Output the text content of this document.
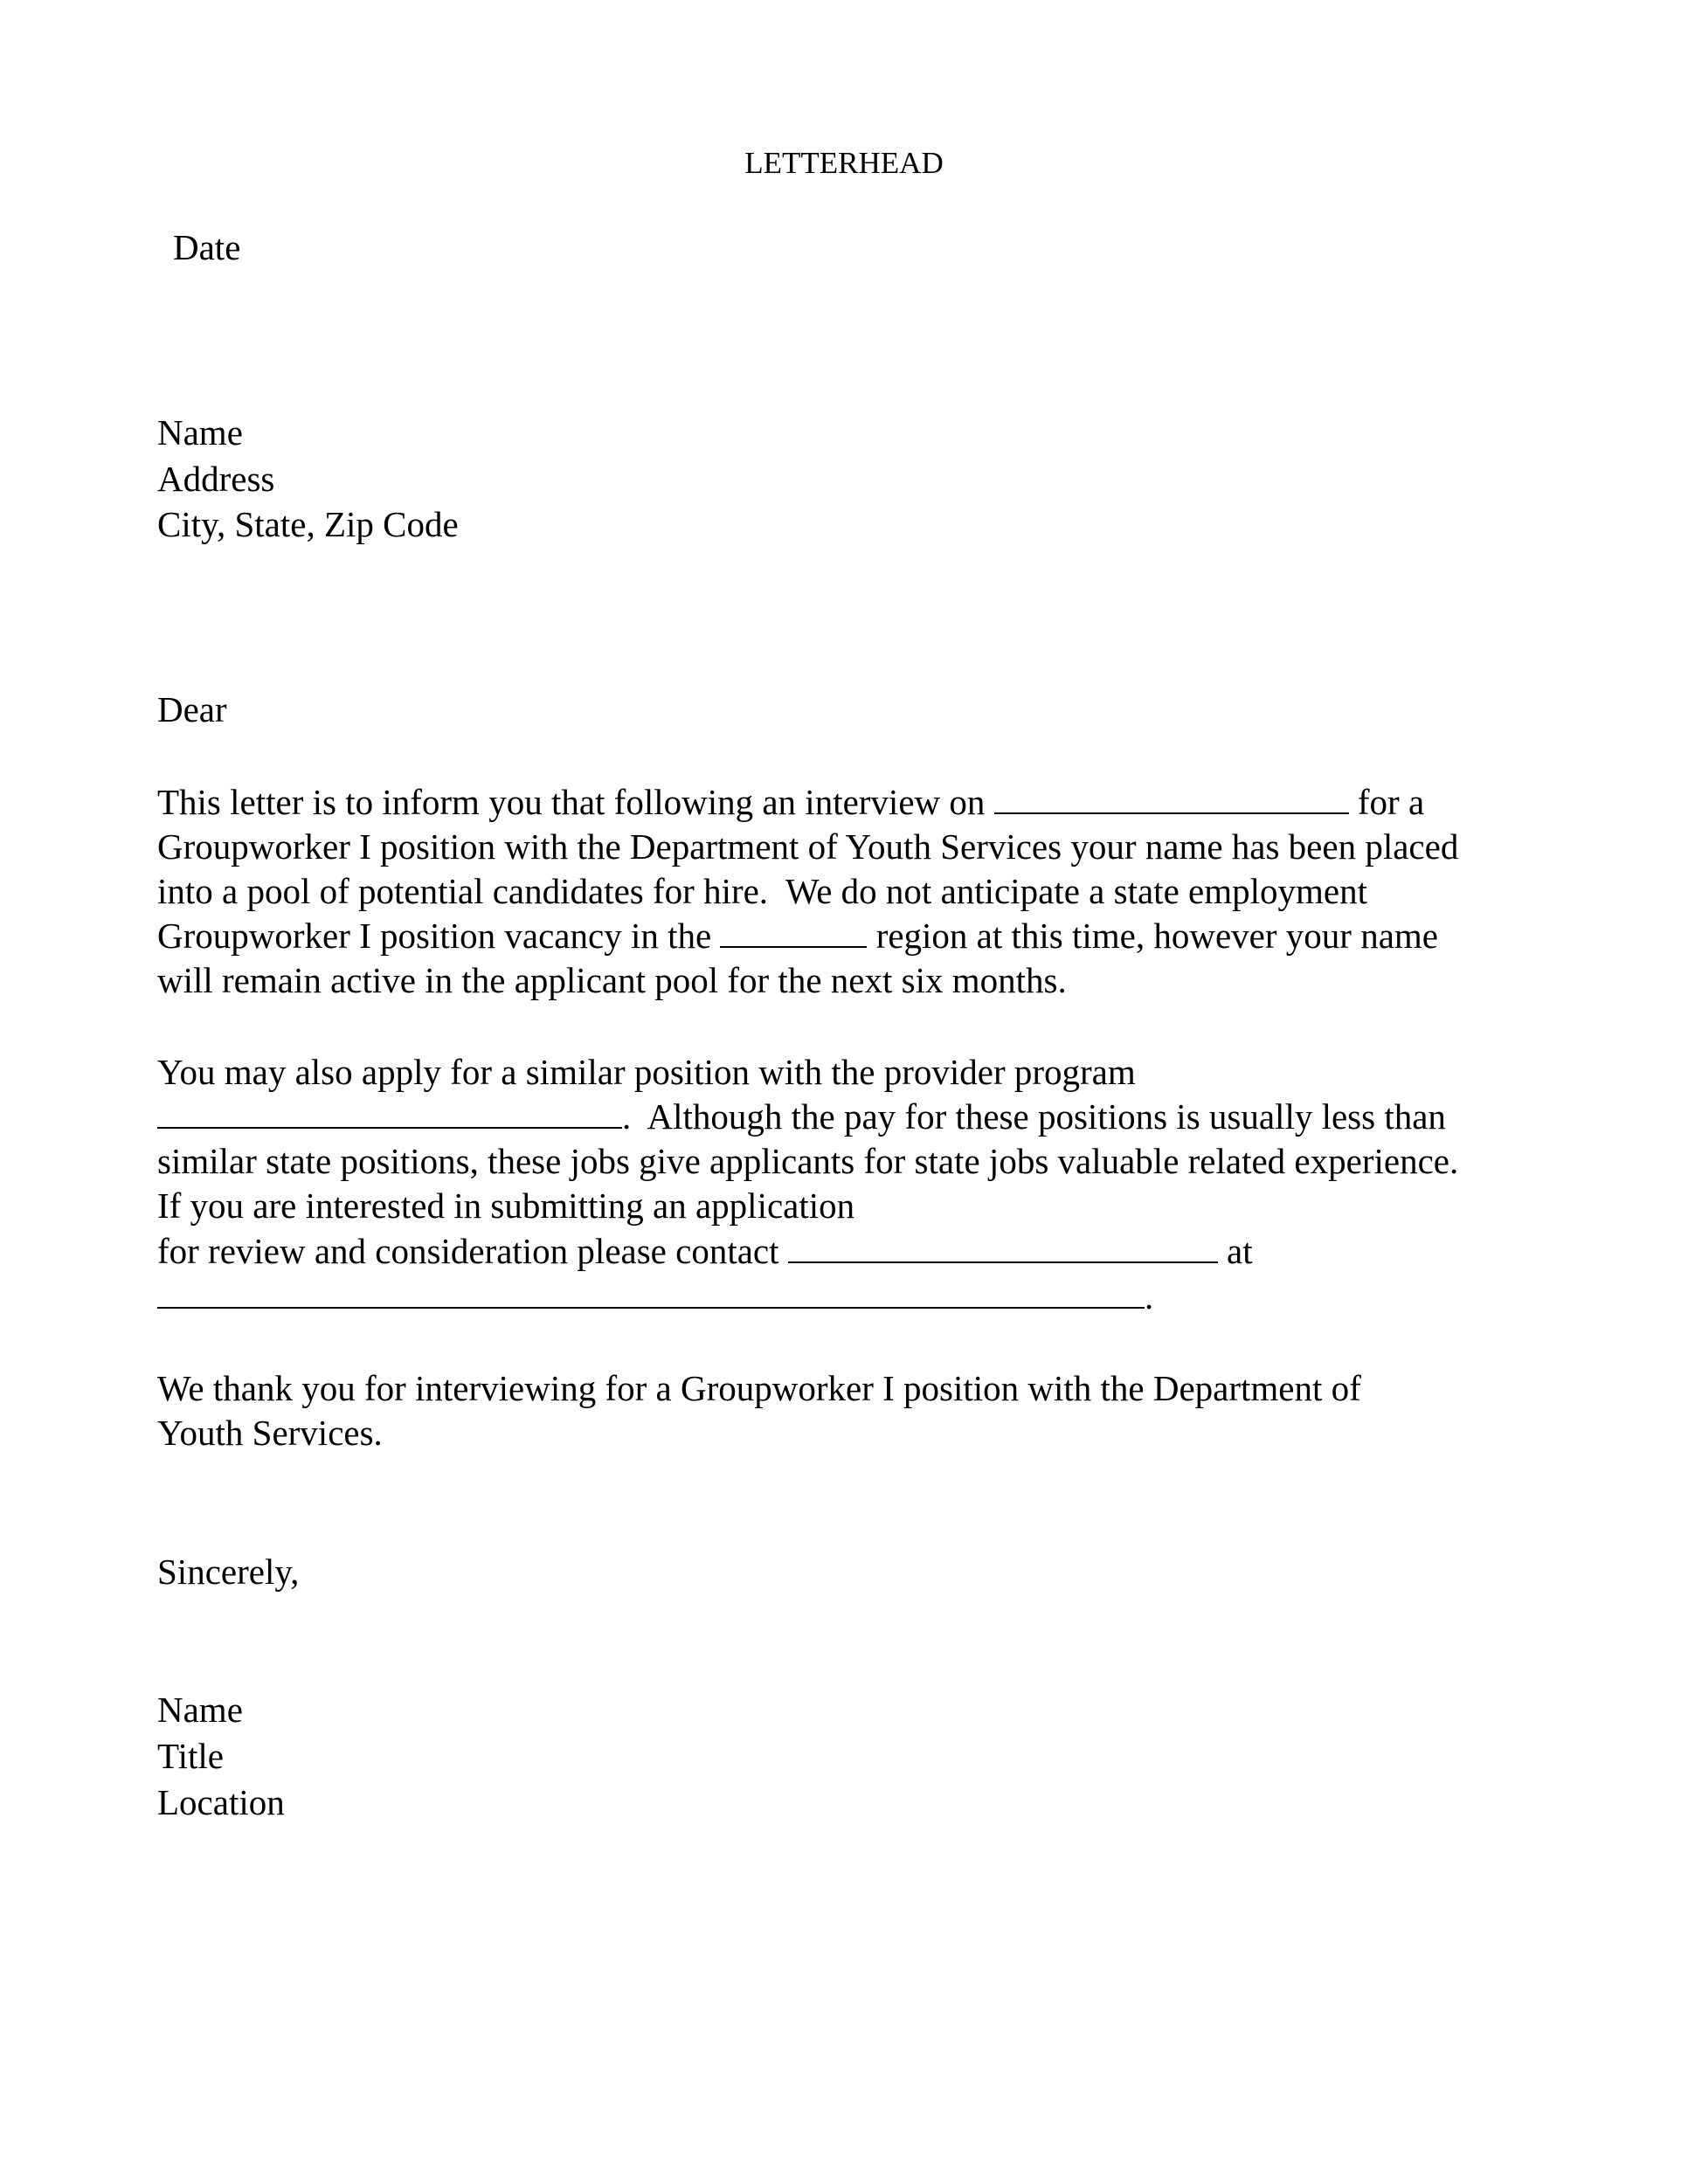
LETTERHEAD
Date
Name
Address
City, State, Zip Code
Dear
This letter is to inform you that following an interview on	for a
Groupworker I position with the Department of Youth Services your name has been placed
into a pool of potential candidates for hire.  We do not anticipate a state employment
Groupworker I position vacancy in the	region at this time, however your name
will remain active in the applicant pool for the next six months.
You may also apply for a similar position with the provider program
.  Although the pay for these positions is usually less than
similar state positions, these jobs give applicants for state jobs valuable related experience.
If you are interested in submitting an application
for review and consideration please contact	at
.
We thank you for interviewing for a Groupworker I position with the Department of
Youth Services.
Sincerely,
Name
Title
Location
